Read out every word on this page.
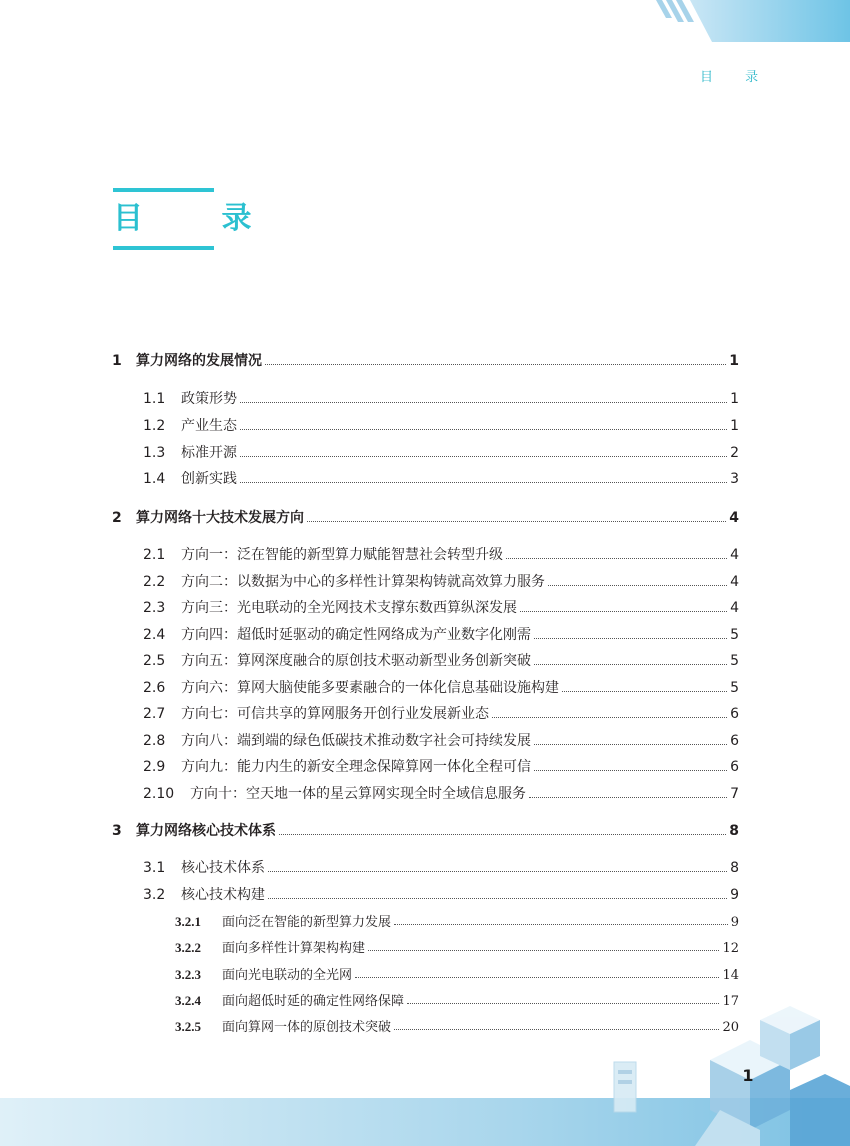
目 录
目 录
1	算力网络的发展情况	1
1.1	政策形势	1
1.2	产业生态	1
1.3	标准开源	2
1.4	创新实践	3
2	算力网络十大技术发展方向	4
2.1	方向一：泛在智能的新型算力赋能智慧社会转型升级	4
2.2	方向二：以数据为中心的多样性计算架构铸就高效算力服务	4
2.3	方向三：光电联动的全光网技术支撑东数西算纵深发展	4
2.4	方向四：超低时延驱动的确定性网络成为产业数字化刚需	5
2.5	方向五：算网深度融合的原创技术驱动新型业务创新突破	5
2.6	方向六：算网大脑使能多要素融合的一体化信息基础设施构建	5
2.7	方向七：可信共享的算网服务开创行业发展新业态	6
2.8	方向八：端到端的绿色低碳技术推动数字社会可持续发展	6
2.9	方向九：能力内生的新安全理念保障算网一体化全程可信	6
2.10	方向十：空天地一体的星云算网实现全时全域信息服务	7
3	算力网络核心技术体系	8
3.1	核心技术体系	8
3.2	核心技术构建	9
3.2.1	面向泛在智能的新型算力发展	9
3.2.2	面向多样性计算架构构建	12
3.2.3	面向光电联动的全光网	14
3.2.4	面向超低时延的确定性网络保障	17
3.2.5	面向算网一体的原创技术突破	20
1
